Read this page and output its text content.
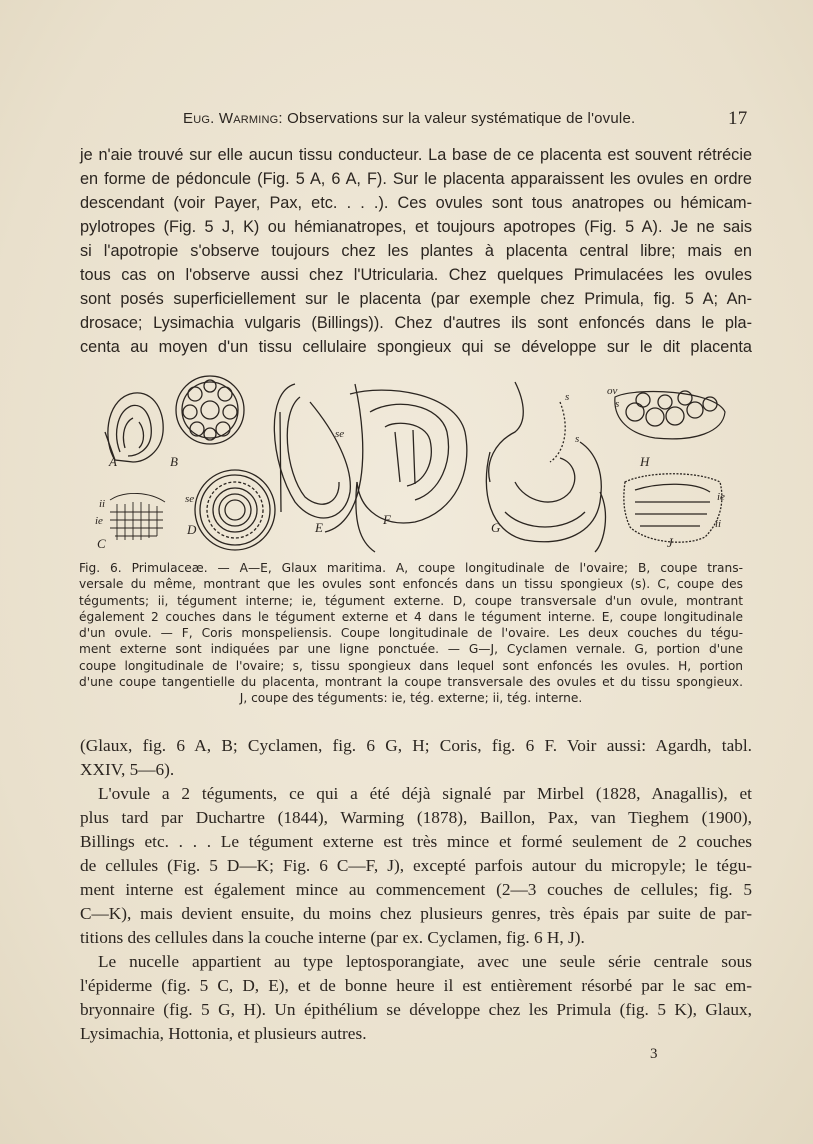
Eug. Warming: Observations sur la valeur systématique de l'ovule.	17
je n'aie trouvé sur elle aucun tissu conducteur. La base de ce placenta est souvent rétrécie
en forme de pédoncule (Fig. 5 A, 6 A, F). Sur le placenta apparaissent les ovules en ordre
descendant (voir Payer, Pax, etc. . . .). Ces ovules sont tous anatropes ou hémicam-
pylotropes (Fig. 5 J, K) ou hémianatropes, et toujours apotropes (Fig. 5 A). Je ne sais
si l'apotropie s'observe toujours chez les plantes à placenta central libre; mais en
tous cas on l'observe aussi chez l'Utricularia. Chez quelques Primulacées les ovules
sont posés superficiellement sur le placenta (par exemple chez Primula, fig. 5 A; An-
drosace; Lysimachia vulgaris (Billings)). Chez d'autres ils sont enfoncés dans le pla-
centa au moyen d'un tissu cellulaire spongieux qui se développe sur le dit placenta
A	B
C
D	E
F
G
H
J
ii
ie
ie
ii
se
se
s
s
s
ov
Fig. 6. Primulaceæ. — A—E, Glaux maritima. A, coupe longitudinale de l'ovaire; B, coupe trans-
versale du même, montrant que les ovules sont enfoncés dans un tissu spongieux (s). C, coupe des
téguments; ii, tégument interne; ie, tégument externe. D, coupe transversale d'un ovule, montrant
également 2 couches dans le tégument externe et 4 dans le tégument interne. E, coupe longitudinale
d'un ovule. — F, Coris monspeliensis. Coupe longitudinale de l'ovaire. Les deux couches du tégu-
ment externe sont indiquées par une ligne ponctuée. — G—J, Cyclamen vernale. G, portion d'une
coupe longitudinale de l'ovaire; s, tissu spongieux dans lequel sont enfoncés les ovules. H, portion
d'une coupe tangentielle du placenta, montrant la coupe transversale des ovules et du tissu spongieux.
J, coupe des téguments: ie, tég. externe; ii, tég. interne.
(Glaux, fig. 6 A, B; Cyclamen, fig. 6 G, H; Coris, fig. 6 F. Voir aussi: Agardh, tabl.
XXIV, 5—6).
L'ovule a 2 téguments, ce qui a été déjà signalé par Mirbel (1828, Anagallis), et
plus tard par Duchartre (1844), Warming (1878), Baillon, Pax, van Tieghem (1900),
Billings etc. . . . Le tégument externe est très mince et formé seulement de 2 couches
de cellules (Fig. 5 D—K; Fig. 6 C—F, J), excepté parfois autour du micropyle; le tégu-
ment interne est également mince au commencement (2—3 couches de cellules; fig. 5
C—K), mais devient ensuite, du moins chez plusieurs genres, très épais par suite de par-
titions des cellules dans la couche interne (par ex. Cyclamen, fig. 6 H, J).
Le nucelle appartient au type leptosporangiate, avec une seule série centrale sous
l'épiderme (fig. 5 C, D, E), et de bonne heure il est entièrement résorbé par le sac em-
bryonnaire (fig. 5 G, H). Un épithélium se développe chez les Primula (fig. 5 K), Glaux,
Lysimachia, Hottonia, et plusieurs autres.
3
